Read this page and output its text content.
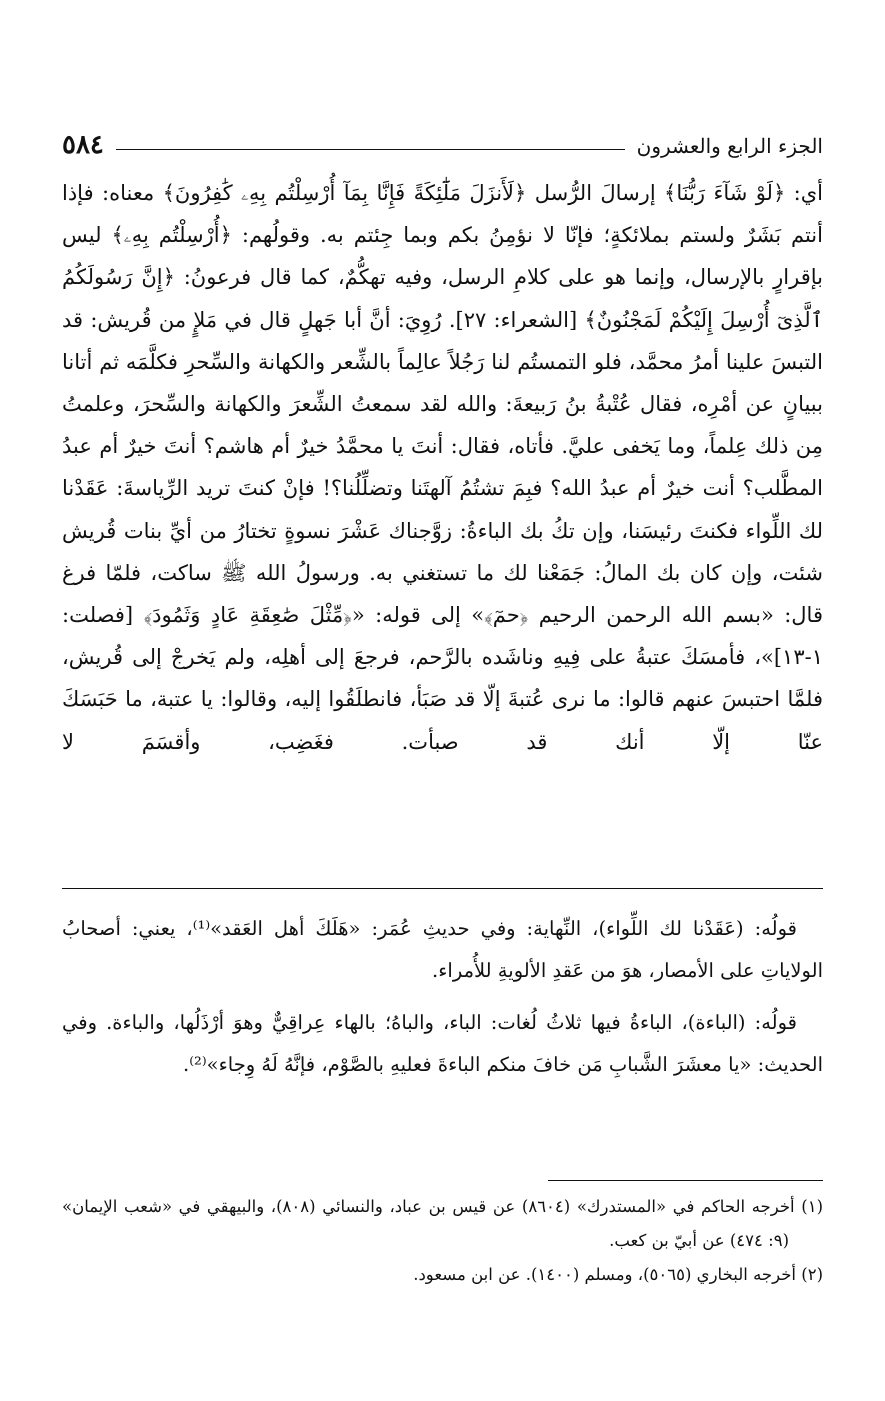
الجزء الرابع والعشرون
٥٨٤

أي: ﴿لَوْ شَآءَ رَبُّنَا﴾ إرسالَ الرُّسل ﴿لَأَنزَلَ مَلَٰٓئِكَةً فَإِنَّا بِمَآ أُرْسِلْتُم بِهِۦ كَٰفِرُونَ﴾ معناه: فإذا أنتم بَشَرٌ ولستم بملائكةٍ؛ فإنّا لا نؤمِنُ بكم وبما جِئتم به. وقولُهم: ﴿أُرْسِلْتُم بِهِۦ﴾ ليس بإقرارٍ بالإرسال، وإنما هو على كلامِ الرسل، وفيه تهكُّمٌ، كما قال فرعونُ: ﴿إِنَّ رَسُولَكُمُ ٱلَّذِىٓ أُرْسِلَ إِلَيْكُمْ لَمَجْنُونٌ﴾ [الشعراء: ٢٧]. رُوِيَ: أنَّ أبا جَهلٍ قال في مَلإٍ من قُريش: قد التبسَ علينا أمرُ محمَّد، فلو التمستُم لنا رَجُلاً عالِماً بالشِّعر والكهانة والسِّحرِ فكلَّمَه ثم أتانا ببيانٍ عن أمْرِه، فقال عُتْبةُ بنُ رَبيعةَ: والله لقد سمعتُ الشِّعرَ والكهانة والسِّحرَ، وعلمتُ مِن ذلك عِلماً، وما يَخفى عليَّ. فأتاه، فقال: أنتَ يا محمَّدُ خيرٌ أم هاشم؟ أنتَ خيرٌ أم عبدُ المطَّلب؟ أنت خيرٌ أم عبدُ الله؟ فبِمَ تشتُمُ آلهتَنا وتضلِّلُنا؟! فإنْ كنتَ تريد الرِّياسةَ: عَقَدْنا لك اللِّواء فكنتَ رئيسَنا، وإن تكُ بك الباءةُ: زوَّجناك عَشْرَ نسوةٍ تختارُ من أيِّ بنات قُريش شئت، وإن كان بك المالُ: جَمَعْنا لك ما تستغني به. ورسولُ الله ﷺ ساكت، فلمّا فرغ قال: «بسم الله الرحمن الرحيم ﴿حمٓ﴾» إلى قوله: «﴿مِّثْلَ صَٰعِقَةِ عَادٍ وَثَمُودَ﴾ [فصلت: ١-١٣]»، فأمسَكَ عتبةُ على فِيهِ وناشَده بالرَّحم، فرجعَ إلى أهلِه، ولم يَخرجْ إلى قُريش، فلمَّا احتبسَ عنهم قالوا: ما نرى عُتبةَ إلّا قد صَبَأ، فانطلَقُوا إليه، وقالوا: يا عتبة، ما حَبَسَكَ عنّا إلّا أنك قد صبأت. فغَضِب، وأقسَمَ لا

قولُه: (عَقَدْنا لك اللِّواء)، النِّهاية: وفي حديثِ عُمَر: «هَلَكَ أهل العَقد»⁽¹⁾، يعني: أصحابُ الولاياتِ على الأمصار، هوَ من عَقدِ الألويةِ للأُمراء.

قولُه: (الباءة)، الباءةُ فيها ثلاثُ لُغات: الباء، والباهُ؛ بالهاء عِراقِيٌّ وهوَ أرْذَلُها، والباءة. وفي الحديث: «يا معشَرَ الشَّبابِ مَن خافَ منكم الباءةَ فعليهِ بالصَّوْم، فإنَّهُ لَهُ وِجاء»⁽²⁾.

(١) أخرجه الحاكم في «المستدرك» (٨٦٠٤) عن قيس بن عباد، والنسائي (٨٠٨)، والبيهقي في «شعب الإيمان» (٩: ٤٧٤) عن أبيّ بن كعب.

(٢) أخرجه البخاري (٥٠٦٥)، ومسلم (١٤٠٠). عن ابن مسعود.
